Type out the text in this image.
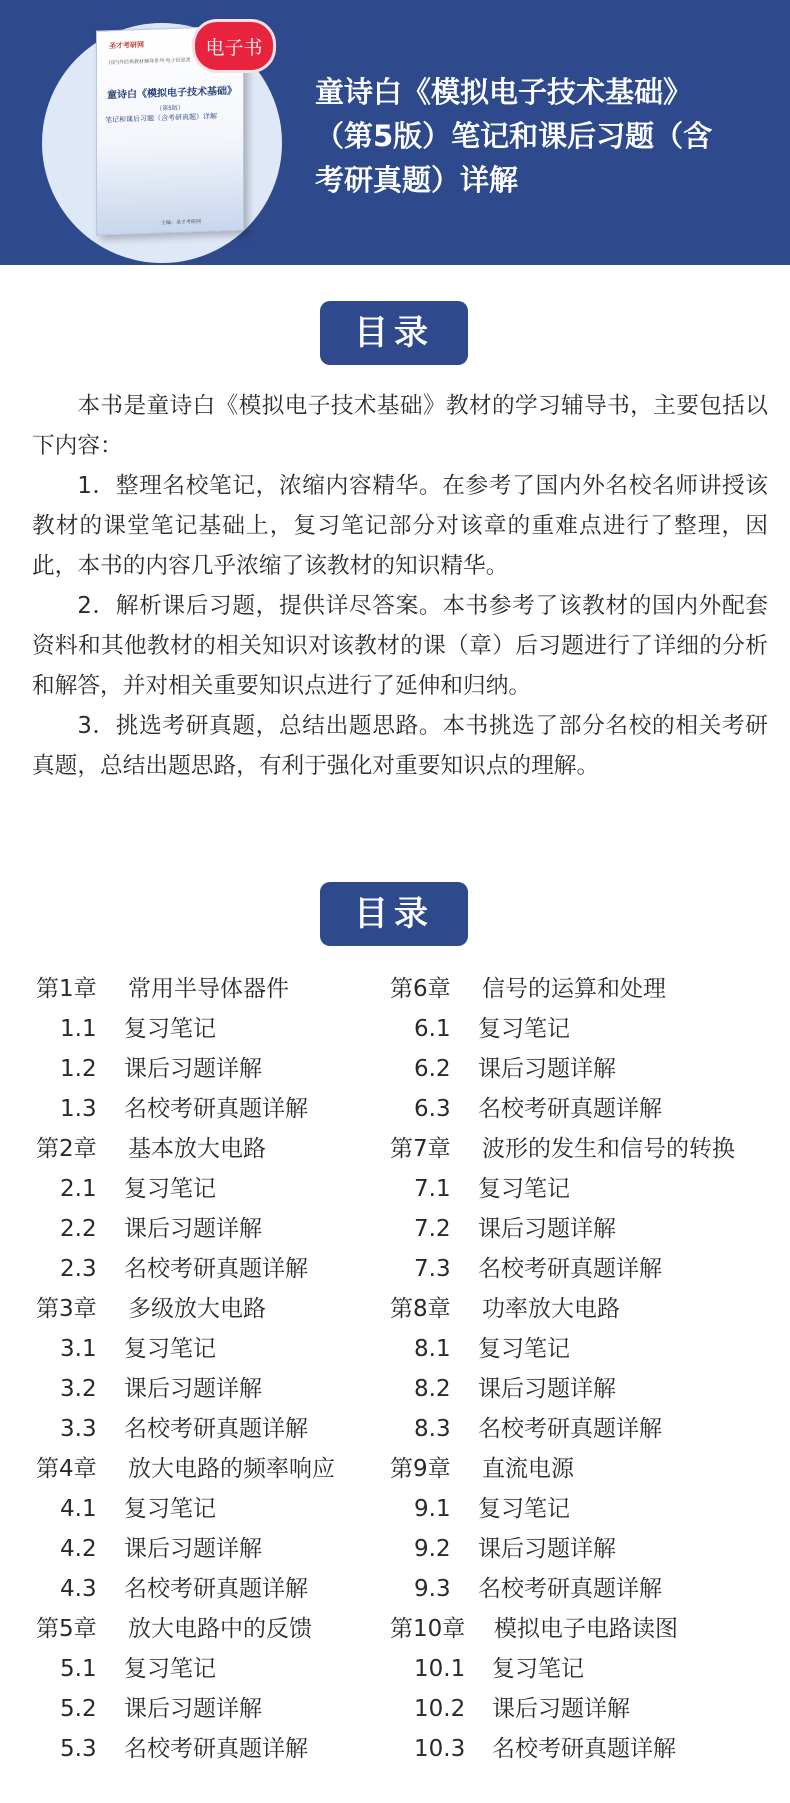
圣才考研网
国内外经典教材辅导系列·电子信息类
童诗白《模拟电子技术基础》
（第5版）
笔记和课后习题（含考研真题）详解
主编：圣才考研网
电子书
童诗白《模拟电子技术基础》
（第5版）笔记和课后习题（含
考研真题）详解
目录

本书是童诗白《模拟电子技术基础》教材的学习辅导书，主要包括以下内容：

1．整理名校笔记，浓缩内容精华。在参考了国内外名校名师讲授该教材的课堂笔记基础上，复习笔记部分对该章的重难点进行了整理，因此，本书的内容几乎浓缩了该教材的知识精华。

2．解析课后习题，提供详尽答案。本书参考了该教材的国内外配套资料和其他教材的相关知识对该教材的课（章）后习题进行了详细的分析和解答，并对相关重要知识点进行了延伸和归纳。

3．挑选考研真题，总结出题思路。本书挑选了部分名校的相关考研真题，总结出题思路，有利于强化对重要知识点的理解。

目录
第1章 常用半导体器件
1.1 复习笔记
1.2 课后习题详解
1.3 名校考研真题详解
第2章 基本放大电路
2.1 复习笔记
2.2 课后习题详解
2.3 名校考研真题详解
第3章 多级放大电路
3.1 复习笔记
3.2 课后习题详解
3.3 名校考研真题详解
第4章 放大电路的频率响应
4.1 复习笔记
4.2 课后习题详解
4.3 名校考研真题详解
第5章 放大电路中的反馈
5.1 复习笔记
5.2 课后习题详解
5.3 名校考研真题详解
第6章 信号的运算和处理
6.1 复习笔记
6.2 课后习题详解
6.3 名校考研真题详解
第7章 波形的发生和信号的转换
7.1 复习笔记
7.2 课后习题详解
7.3 名校考研真题详解
第8章 功率放大电路
8.1 复习笔记
8.2 课后习题详解
8.3 名校考研真题详解
第9章 直流电源
9.1 复习笔记
9.2 课后习题详解
9.3 名校考研真题详解
第10章 模拟电子电路读图
10.1 复习笔记
10.2 课后习题详解
10.3 名校考研真题详解
